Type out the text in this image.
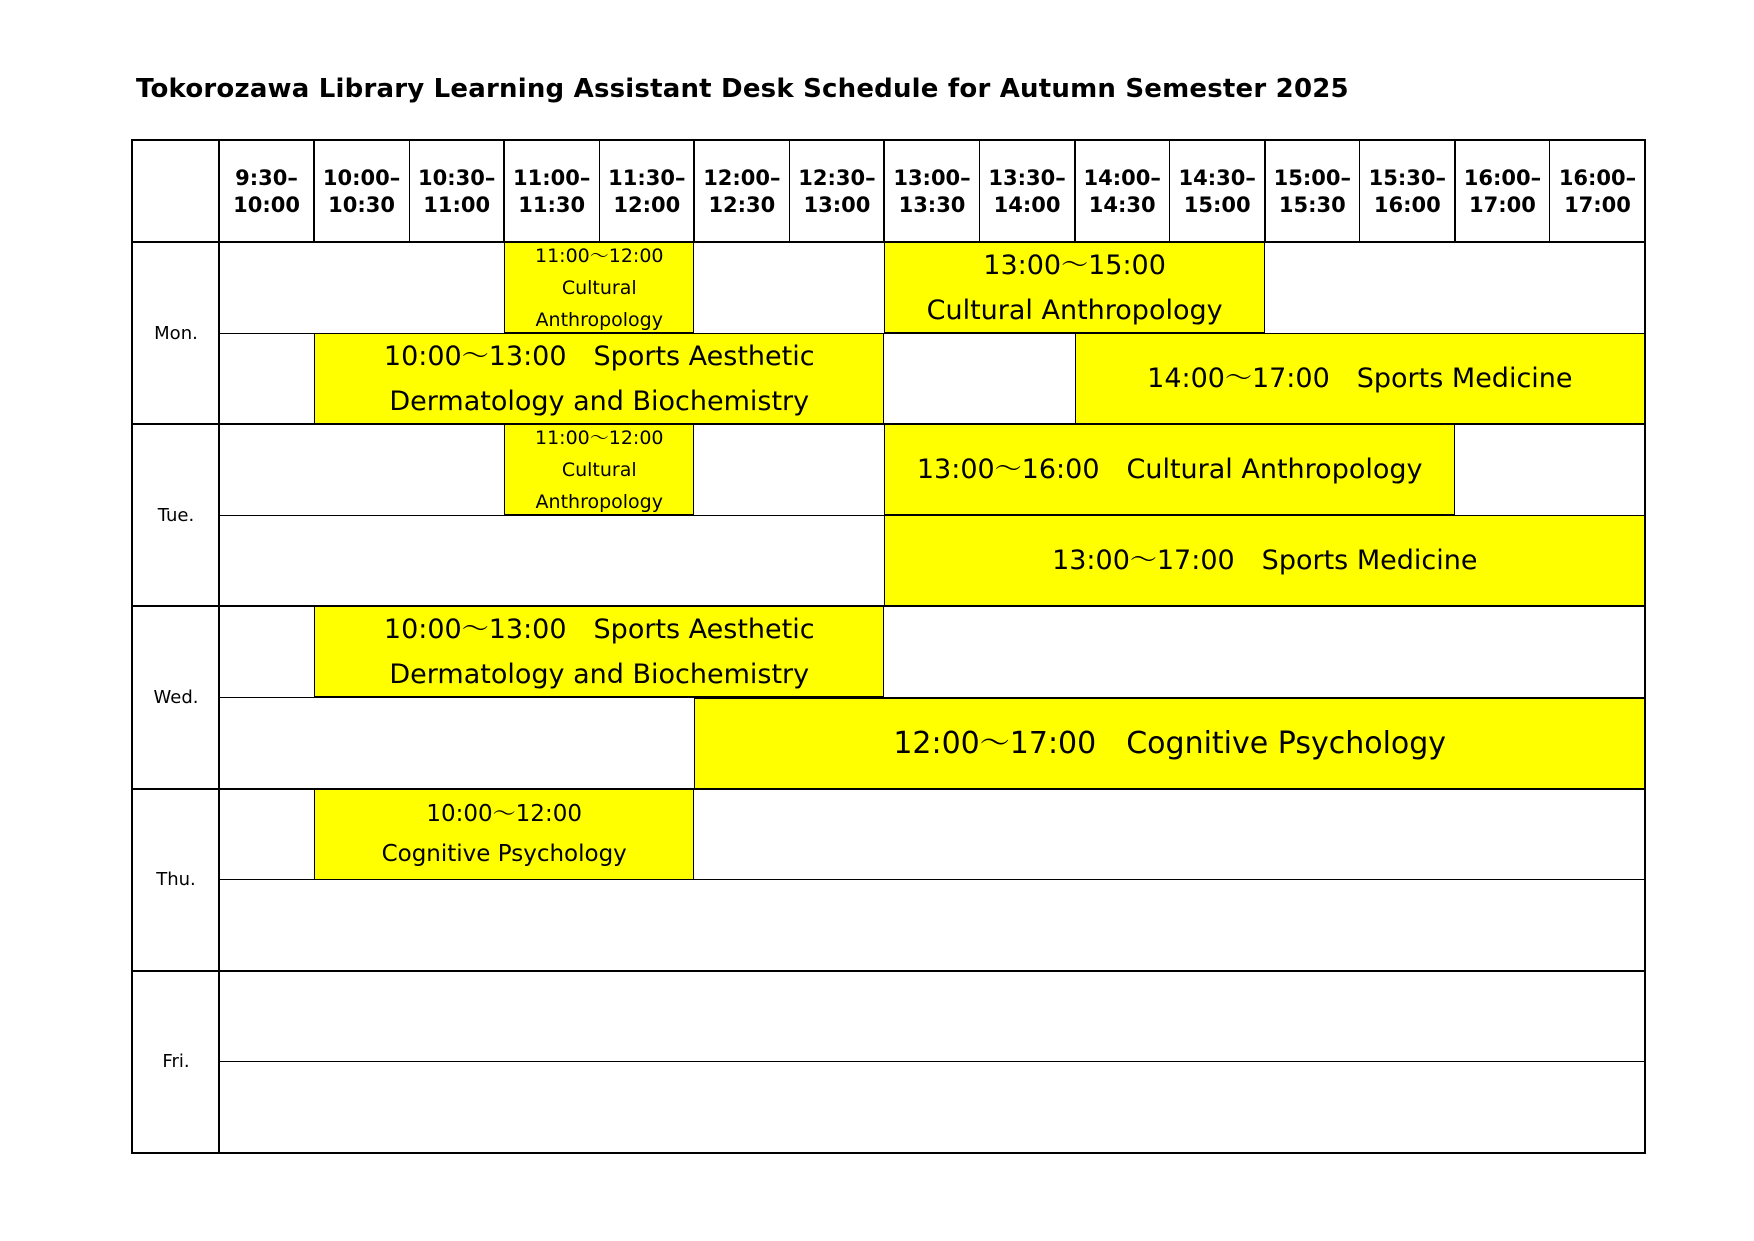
Tokorozawa Library Learning Assistant Desk Schedule for Autumn Semester 2025
9:30–
10:00
10:00–
10:30
10:30–
11:00
11:00–
11:30
11:30–
12:00
12:00–
12:30
12:30–
13:00
13:00–
13:30
13:30–
14:00
14:00–
14:30
14:30–
15:00
15:00–
15:30
15:30–
16:00
16:00–
17:00
16:00–
17:00
Mon.
Tue.
Wed.
Thu.
Fri.
11:00～12:00
Cultural
Anthropology
13:00～15:00
Cultural Anthropology
10:00～13:00　Sports Aesthetic
Dermatology and Biochemistry
14:00～17:00　Sports Medicine
11:00～12:00
Cultural
Anthropology
13:00～16:00　Cultural Anthropology
13:00～17:00　Sports Medicine
10:00～13:00　Sports Aesthetic
Dermatology and Biochemistry
12:00～17:00　Cognitive Psychology
10:00～12:00
Cognitive Psychology
